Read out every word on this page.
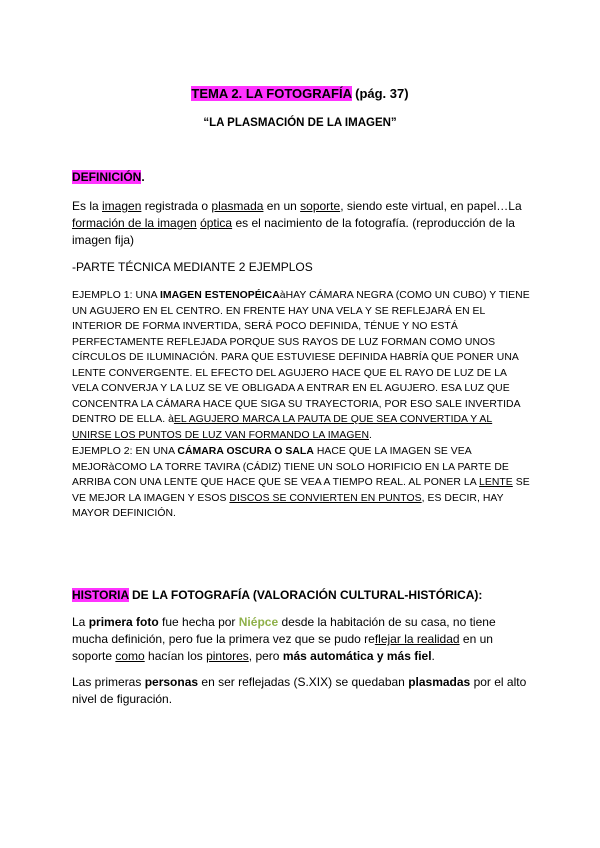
TEMA 2. LA FOTOGRAFÍA (pág. 37)
“LA PLASMACIÓN DE LA IMAGEN”
DEFINICIÓN.
Es la imagen registrada o plasmada en un soporte, siendo este virtual, en papel…La formación de la imagen óptica es el nacimiento de la fotografía. (reproducción de la imagen fija)
-PARTE TÉCNICA MEDIANTE 2 EJEMPLOS
EJEMPLO 1: UNA IMAGEN ESTENOPÉICAàHAY CÁMARA NEGRA (COMO UN CUBO) Y TIENE UN AGUJERO EN EL CENTRO. EN FRENTE HAY UNA VELA Y SE REFLEJARÁ EN EL INTERIOR DE FORMA INVERTIDA, SERÁ POCO DEFINIDA, TÉNUE Y NO ESTÁ PERFECTAMENTE REFLEJADA PORQUE SUS RAYOS DE LUZ FORMAN COMO UNOS CÍRCULOS DE ILUMINACIÓN. PARA QUE ESTUVIESE DEFINIDA HABRÍA QUE PONER UNA LENTE CONVERGENTE. EL EFECTO DEL AGUJERO HACE QUE EL RAYO DE LUZ DE LA VELA CONVERJA Y LA LUZ SE VE OBLIGADA A ENTRAR EN EL AGUJERO. ESA LUZ QUE CONCENTRA LA CÁMARA HACE QUE SIGA SU TRAYECTORIA, POR ESO SALE INVERTIDA DENTRO DE ELLA. àEL AGUJERO MARCA LA PAUTA DE QUE SEA CONVERTIDA Y AL UNIRSE LOS PUNTOS DE LUZ VAN FORMANDO LA IMAGEN.
EJEMPLO 2: EN UNA CÁMARA OSCURA O SALA HACE QUE LA IMAGEN SE VEA MEJORàCOMO LA TORRE TAVIRA (CÁDIZ) TIENE UN SOLO HORIFICIO EN LA PARTE DE ARRIBA CON UNA LENTE QUE HACE QUE SE VEA A TIEMPO REAL. AL PONER LA LENTE SE VE MEJOR LA IMAGEN Y ESOS DISCOS SE CONVIERTEN EN PUNTOS, ES DECIR, HAY MAYOR DEFINICIÓN.
HISTORIA DE LA FOTOGRAFÍA (VALORACIÓN CULTURAL-HISTÓRICA):
La primera foto fue hecha por Niépce desde la habitación de su casa, no tiene mucha definición, pero fue la primera vez que se pudo reflejar la realidad en un soporte como hacían los pintores, pero más automática y más fiel.
Las primeras personas en ser reflejadas (S.XIX) se quedaban plasmadas por el alto nivel de figuración.
